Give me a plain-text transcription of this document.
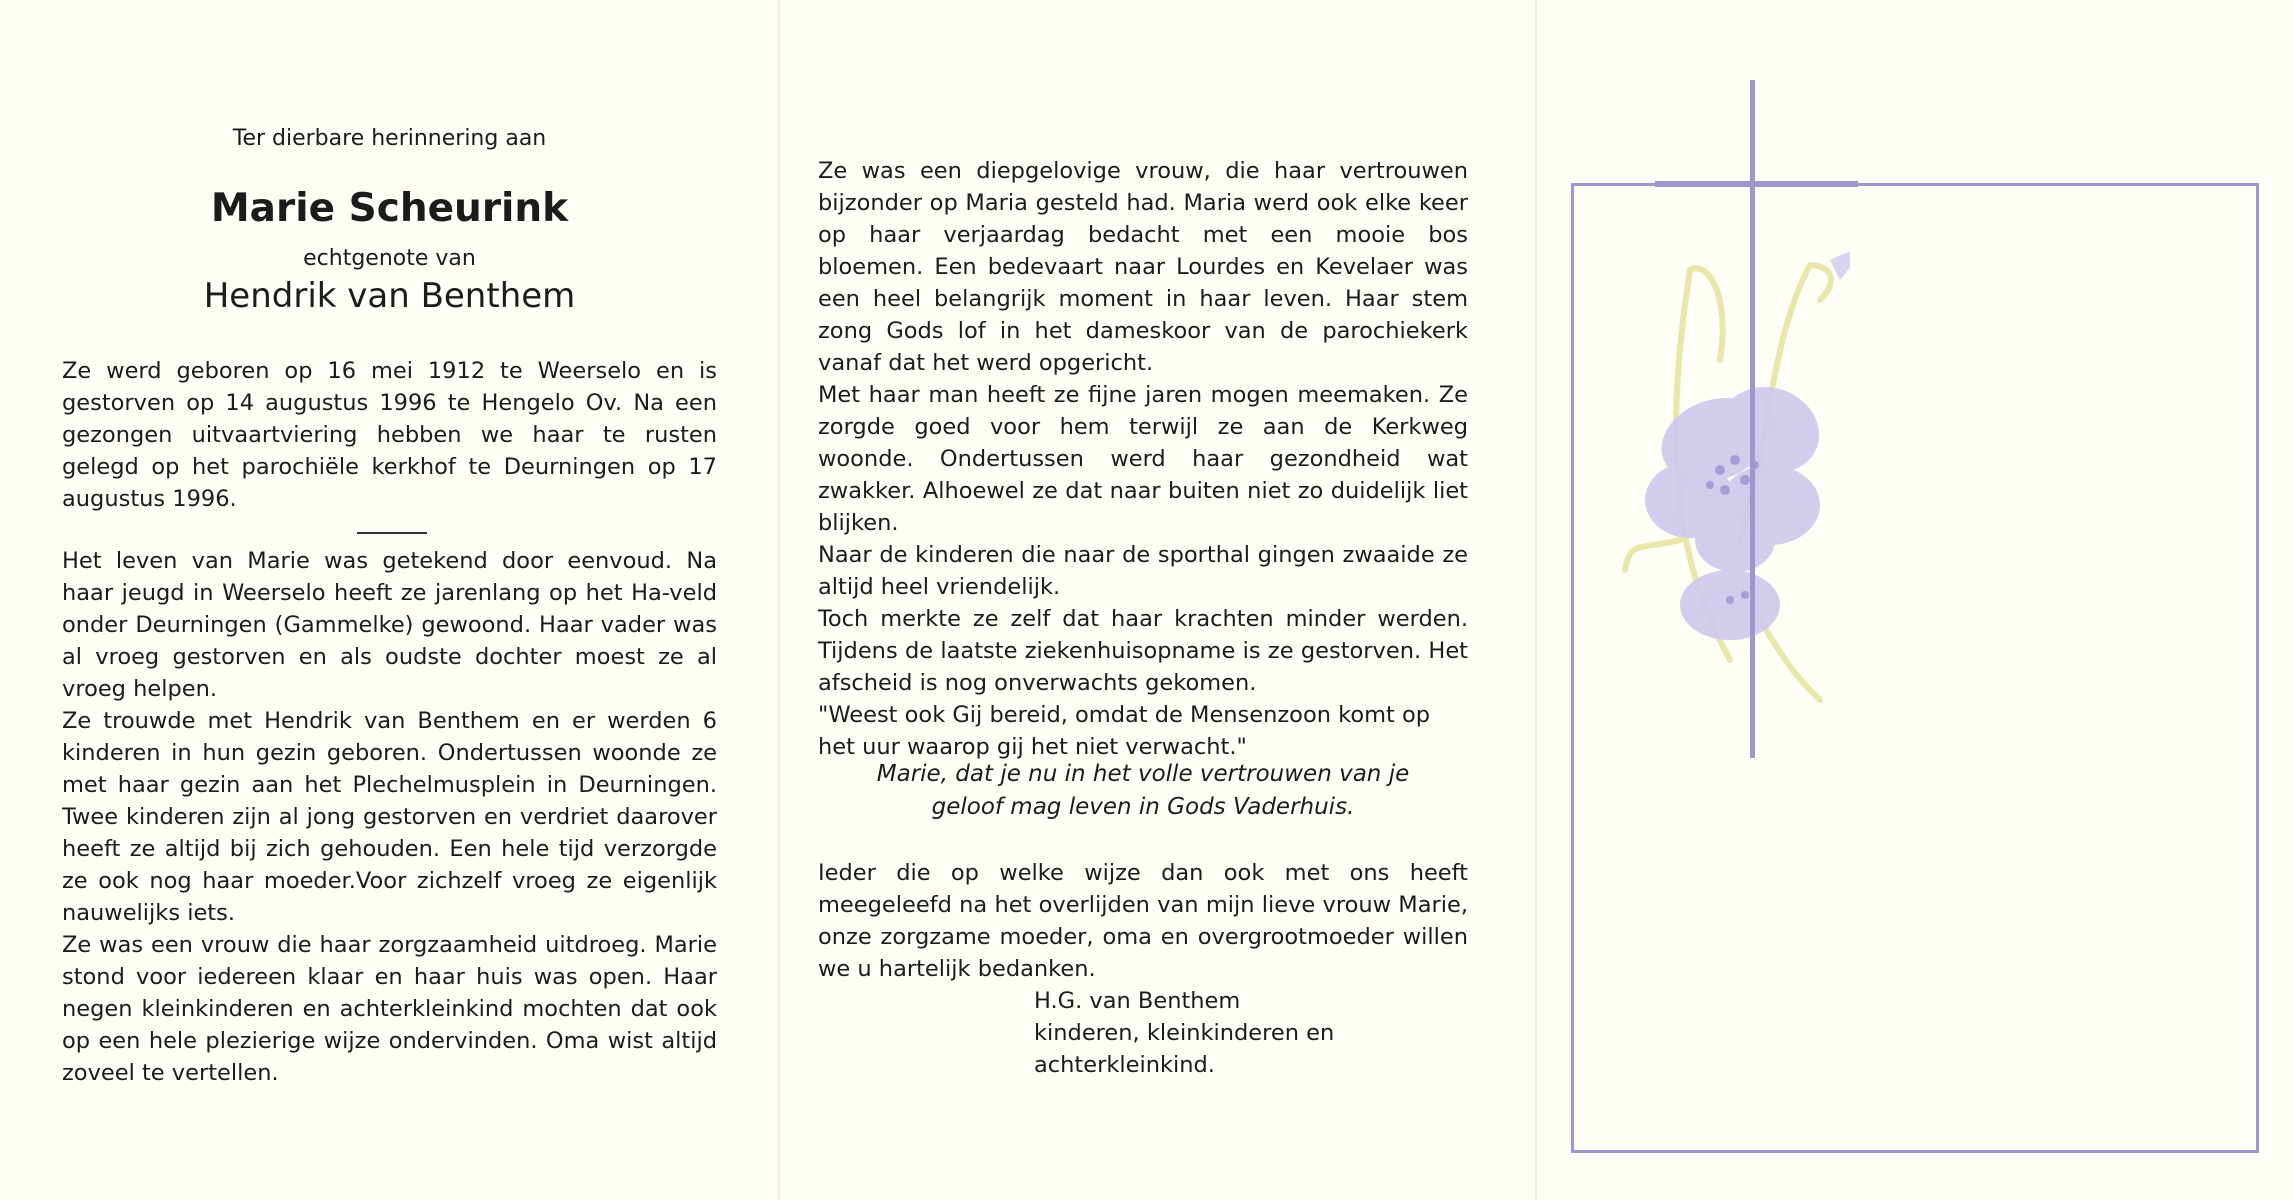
Ter dierbare herinnering aan
Marie Scheurink
echtgenote van
Hendrik van Benthem

Ze werd geboren op 16 mei 1912 te Weerselo en is gestorven op 14 augustus 1996 te Hengelo Ov. Na een gezongen uitvaartviering hebben we haar te rusten gelegd op het parochiële kerkhof te Deurningen op 17 augustus 1996.

Het leven van Marie was getekend door eenvoud. Na haar jeugd in Weerselo heeft ze jarenlang op het Ha-veld onder Deurningen (Gammelke) gewoond. Haar vader was al vroeg gestorven en als oudste dochter moest ze al vroeg helpen.

Ze trouwde met Hendrik van Benthem en er werden 6 kinderen in hun gezin geboren. Ondertussen woonde ze met haar gezin aan het Plechelmusplein in Deurningen. Twee kinderen zijn al jong gestorven en verdriet daarover heeft ze altijd bij zich gehouden. Een hele tijd verzorgde ze ook nog haar moeder.Voor zichzelf vroeg ze eigenlijk nauwelijks iets.

Ze was een vrouw die haar zorgzaamheid uitdroeg. Marie stond voor iedereen klaar en haar huis was open. Haar negen kleinkinderen en achterkleinkind mochten dat ook op een hele plezierige wijze ondervinden. Oma wist altijd zoveel te vertellen.

Ze was een diepgelovige vrouw, die haar vertrouwen bijzonder op Maria gesteld had. Maria werd ook elke keer op haar verjaardag bedacht met een mooie bos bloemen. Een bedevaart naar Lourdes en Kevelaer was een heel belangrijk moment in haar leven. Haar stem zong Gods lof in het dameskoor van de parochiekerk vanaf dat het werd opgericht.

Met haar man heeft ze fijne jaren mogen meemaken. Ze zorgde goed voor hem terwijl ze aan de Kerkweg woonde. Ondertussen werd haar gezondheid wat zwakker. Alhoewel ze dat naar buiten niet zo duidelijk liet blijken.

Naar de kinderen die naar de sporthal gingen zwaaide ze altijd heel vriendelijk.

Toch merkte ze zelf dat haar krachten minder werden. Tijdens de laatste ziekenhuisopname is ze gestorven. Het afscheid is nog onverwachts gekomen.

"Weest ook Gij bereid, omdat de Mensenzoon komt op het uur waarop gij het niet verwacht."

Marie, dat je nu in het volle vertrouwen van je
geloof mag leven in Gods Vaderhuis.

Ieder die op welke wijze dan ook met ons heeft meegeleefd na het overlijden van mijn lieve vrouw Marie, onze zorgzame moeder, oma en overgrootmoeder willen we u hartelijk bedanken.

H.G. van Benthem
kinderen, kleinkinderen en
achterkleinkind.
